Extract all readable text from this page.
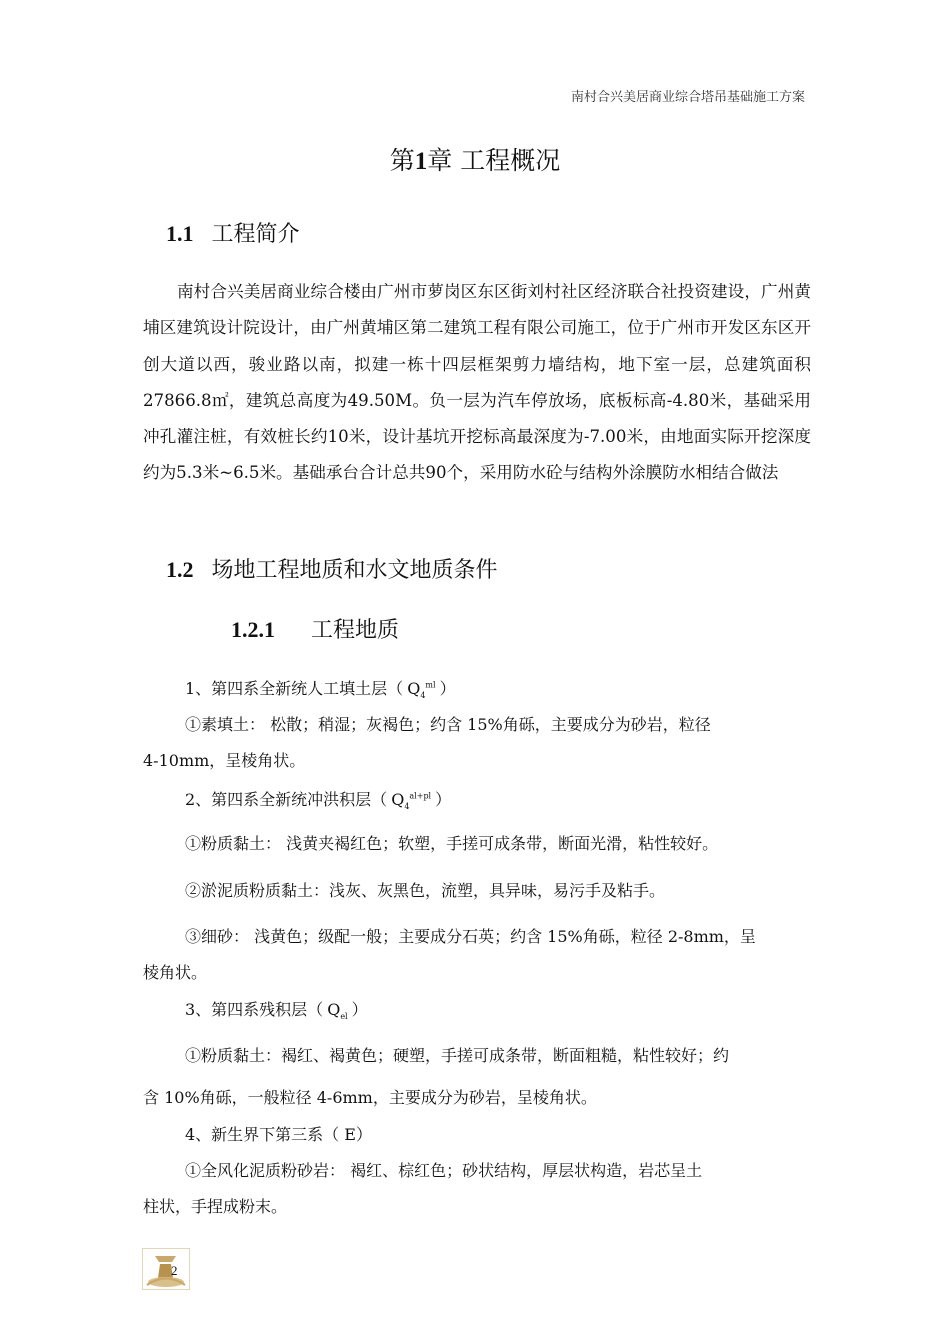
南村合兴美居商业综合塔吊基础施工方案
第1章 工程概况
1.1 工程简介

南村合兴美居商业综合楼由广州市萝岗区东区街刘村社区经济联合社投资建设，广州黄埔区建筑设计院设计，由广州黄埔区第二建筑工程有限公司施工，位于广州市开发区东区开创大道以西，骏业路以南，拟建一栋十四层框架剪力墙结构，地下室一层，总建筑面积27866.8㎡，建筑总高度为49.50M。负一层为汽车停放场，底板标高-4.80米，基础采用冲孔灌注桩，有效桩长约10米，设计基坑开挖标高最深度为-7.00米，由地面实际开挖深度约为5.3米~6.5米。基础承台合计总共90个，采用防水砼与结构外涂膜防水相结合做法

1.2 场地工程地质和水文地质条件
1.2.1 工程地质
1、第四系全新统人工填土层（ $Q_4^{ml}$ ）
①素填土： 松散；稍湿；灰褐色；约含 15%角砾，主要成分为砂岩，粒径
4-10mm，呈棱角状。
2、第四系全新统冲洪积层（ $Q_4^{al+pl}$ ）
①粉质黏土： 浅黄夹褐红色；软塑，手搓可成条带，断面光滑，粘性较好。
②淤泥质粉质黏土：浅灰、灰黑色，流塑，具异味，易污手及粘手。
③细砂： 浅黄色；级配一般；主要成分石英；约含 15%角砾，粒径 2-8mm，呈
棱角状。
3、第四系残积层（ $Q_{el}$ ）
①粉质黏土：褐红、褐黄色；硬塑，手搓可成条带，断面粗糙，粘性较好；约
含 10%角砾，一般粒径 4-6mm，主要成分为砂岩，呈棱角状。
4、新生界下第三系（ E）
①全风化泥质粉砂岩： 褐红、棕红色；砂状结构，厚层状构造，岩芯呈土
柱状，手捏成粉末。
2
